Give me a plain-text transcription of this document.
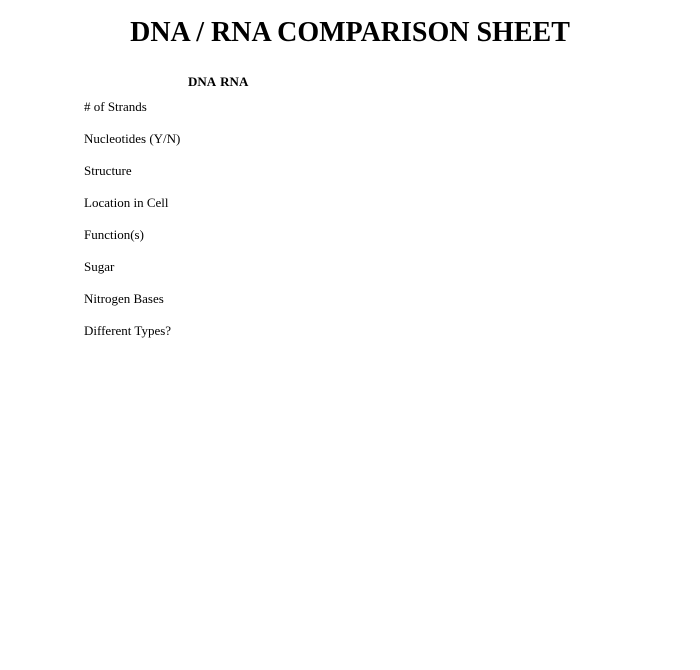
DNA / RNA COMPARISON SHEET
DNA RNA
# of Strands
Nucleotides (Y/N)
Structure
Location in Cell
Function(s)
Sugar
Nitrogen Bases
Different Types?
